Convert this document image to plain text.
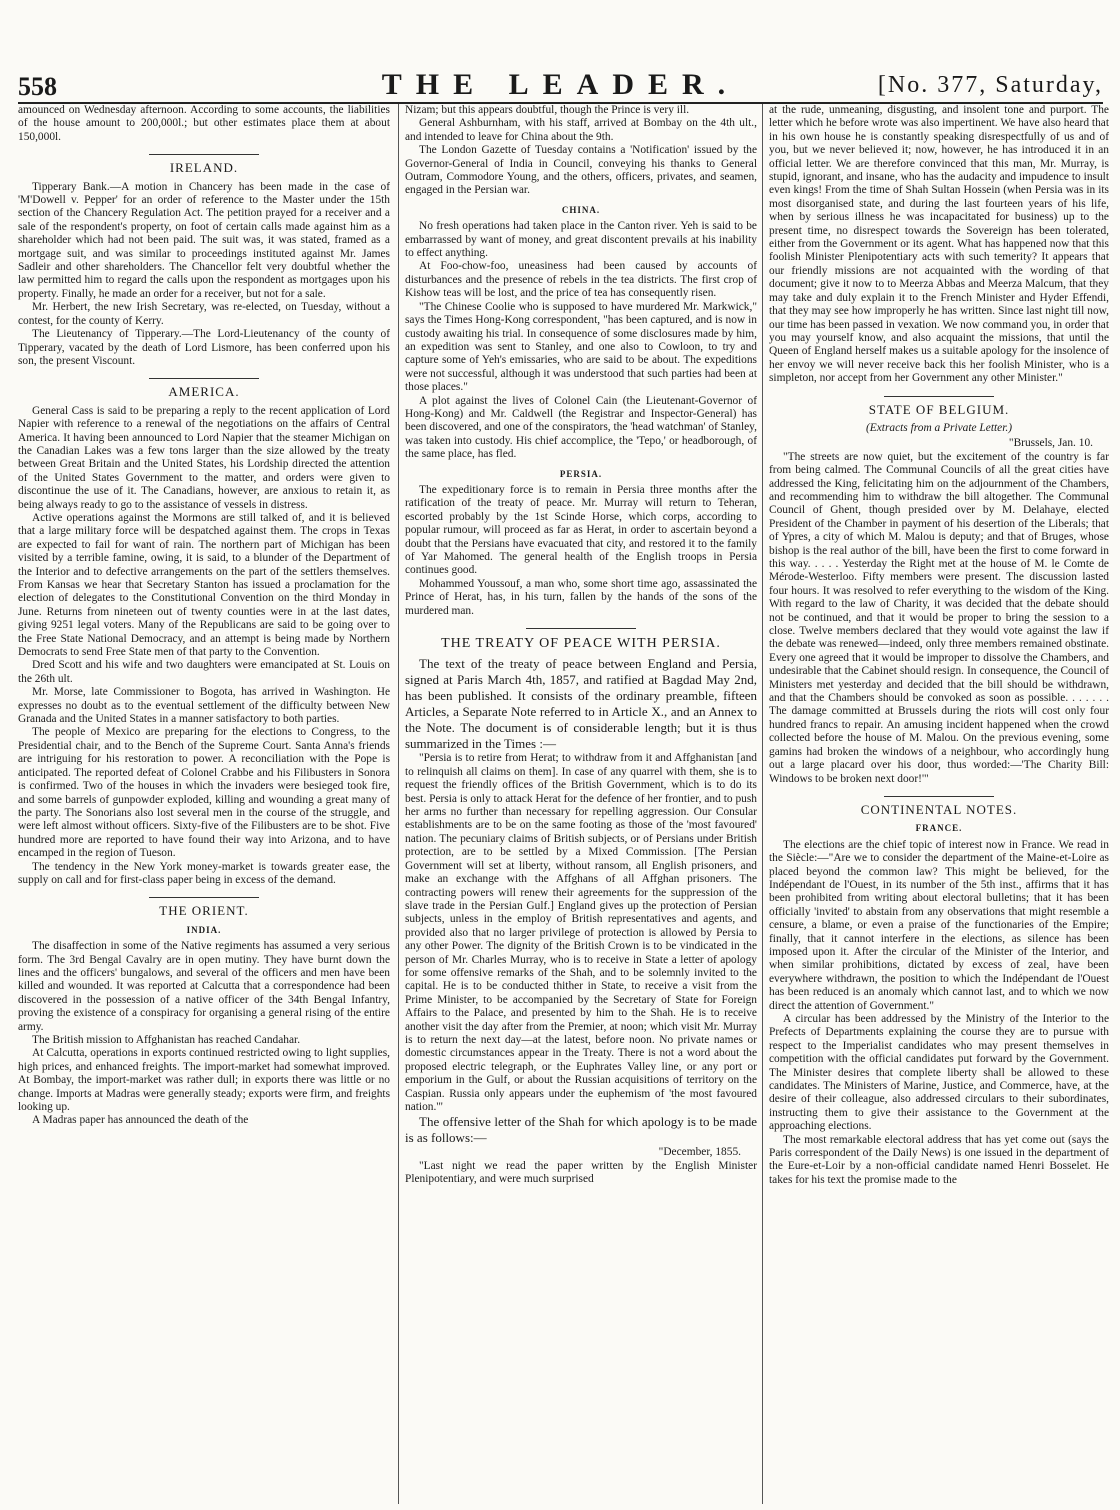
558	THE LEADER.	[No. 377, Saturday,

amounced on Wednesday afternoon. According to some accounts, the liabilities of the house amount to 200,000l.; but other estimates place them at about 150,000l.

IRELAND.

Tipperary Bank.—A motion in Chancery has been made in the case of 'M'Dowell v. Pepper' for an order of reference to the Master under the 15th section of the Chancery Regulation Act. The petition prayed for a receiver and a sale of the respondent's property, on foot of certain calls made against him as a shareholder which had not been paid. The suit was, it was stated, framed as a mortgage suit, and was similar to proceedings instituted against Mr. James Sadleir and other shareholders. The Chancellor felt very doubtful whether the law permitted him to regard the calls upon the respondent as mortgages upon his property. Finally, he made an order for a receiver, but not for a sale.

Mr. Herbert, the new Irish Secretary, was re-elected, on Tuesday, without a contest, for the county of Kerry.

The Lieutenancy of Tipperary.—The Lord-Lieutenancy of the county of Tipperary, vacated by the death of Lord Lismore, has been conferred upon his son, the present Viscount.

AMERICA.

General Cass is said to be preparing a reply to the recent application of Lord Napier with reference to a renewal of the negotiations on the affairs of Central America. It having been announced to Lord Napier that the steamer Michigan on the Canadian Lakes was a few tons larger than the size allowed by the treaty between Great Britain and the United States, his Lordship directed the attention of the United States Government to the matter, and orders were given to discontinue the use of it. The Canadians, however, are anxious to retain it, as being always ready to go to the assistance of vessels in distress.

Active operations against the Mormons are still talked of, and it is believed that a large military force will be despatched against them. The crops in Texas are expected to fail for want of rain. The northern part of Michigan has been visited by a terrible famine, owing, it is said, to a blunder of the Department of the Interior and to defective arrangements on the part of the settlers themselves. From Kansas we hear that Secretary Stanton has issued a proclamation for the election of delegates to the Constitutional Convention on the third Monday in June. Returns from nineteen out of twenty counties were in at the last dates, giving 9251 legal voters. Many of the Republicans are said to be going over to the Free State National Democracy, and an attempt is being made by Northern Democrats to send Free State men of that party to the Convention.

Dred Scott and his wife and two daughters were emancipated at St. Louis on the 26th ult.

Mr. Morse, late Commissioner to Bogota, has arrived in Washington. He expresses no doubt as to the eventual settlement of the difficulty between New Granada and the United States in a manner satisfactory to both parties.

The people of Mexico are preparing for the elections to Congress, to the Presidential chair, and to the Bench of the Supreme Court. Santa Anna's friends are intriguing for his restoration to power. A reconciliation with the Pope is anticipated. The reported defeat of Colonel Crabbe and his Filibusters in Sonora is confirmed. Two of the houses in which the invaders were besieged took fire, and some barrels of gunpowder exploded, killing and wounding a great many of the party. The Sonorians also lost several men in the course of the struggle, and were left almost without officers. Sixty-five of the Filibusters are to be shot. Five hundred more are reported to have found their way into Arizona, and to have encamped in the region of Tueson.

The tendency in the New York money-market is towards greater ease, the supply on call and for first-class paper being in excess of the demand.

THE ORIENT.
INDIA.

The disaffection in some of the Native regiments has assumed a very serious form. The 3rd Bengal Cavalry are in open mutiny. They have burnt down the lines and the officers' bungalows, and several of the officers and men have been killed and wounded. It was reported at Calcutta that a correspondence had been discovered in the possession of a native officer of the 34th Bengal Infantry, proving the existence of a conspiracy for organising a general rising of the entire army.

The British mission to Affghanistan has reached Candahar.

At Calcutta, operations in exports continued restricted owing to light supplies, high prices, and enhanced freights. The import-market had somewhat improved. At Bombay, the import-market was rather dull; in exports there was little or no change. Imports at Madras were generally steady; exports were firm, and freights looking up.

A Madras paper has announced the death of the

Nizam; but this appears doubtful, though the Prince is very ill.

General Ashburnham, with his staff, arrived at Bombay on the 4th ult., and intended to leave for China about the 9th.

The London Gazette of Tuesday contains a 'Notification' issued by the Governor-General of India in Council, conveying his thanks to General Outram, Commodore Young, and the others, officers, privates, and seamen, engaged in the Persian war.

CHINA.

No fresh operations had taken place in the Canton river. Yeh is said to be embarrassed by want of money, and great discontent prevails at his inability to effect anything.

At Foo-chow-foo, uneasiness had been caused by accounts of disturbances and the presence of rebels in the tea districts. The first crop of Kishow teas will be lost, and the price of tea has consequently risen.

"The Chinese Coolie who is supposed to have murdered Mr. Markwick," says the Times Hong-Kong correspondent, "has been captured, and is now in custody awaiting his trial. In consequence of some disclosures made by him, an expedition was sent to Stanley, and one also to Cowloon, to try and capture some of Yeh's emissaries, who are said to be about. The expeditions were not successful, although it was understood that such parties had been at those places."

A plot against the lives of Colonel Cain (the Lieutenant-Governor of Hong-Kong) and Mr. Caldwell (the Registrar and Inspector-General) has been discovered, and one of the conspirators, the 'head watchman' of Stanley, was taken into custody. His chief accomplice, the 'Tepo,' or headborough, of the same place, has fled.

PERSIA.

The expeditionary force is to remain in Persia three months after the ratification of the treaty of peace. Mr. Murray will return to Teheran, escorted probably by the 1st Scinde Horse, which corps, according to popular rumour, will proceed as far as Herat, in order to ascertain beyond a doubt that the Persians have evacuated that city, and restored it to the family of Yar Mahomed. The general health of the English troops in Persia continues good.

Mohammed Youssouf, a man who, some short time ago, assassinated the Prince of Herat, has, in his turn, fallen by the hands of the sons of the murdered man.

THE TREATY OF PEACE WITH PERSIA.

The text of the treaty of peace between England and Persia, signed at Paris March 4th, 1857, and ratified at Bagdad May 2nd, has been published. It consists of the ordinary preamble, fifteen Articles, a Separate Note referred to in Article X., and an Annex to the Note. The document is of considerable length; but it is thus summarized in the Times :—

"Persia is to retire from Herat; to withdraw from it and Affghanistan [and to relinquish all claims on them]. In case of any quarrel with them, she is to request the friendly offices of the British Government, which is to do its best. Persia is only to attack Herat for the defence of her frontier, and to push her arms no further than necessary for repelling aggression. Our Consular establishments are to be on the same footing as those of the 'most favoured' nation. The pecuniary claims of British subjects, or of Persians under British protection, are to be settled by a Mixed Commission. [The Persian Government will set at liberty, without ransom, all English prisoners, and make an exchange with the Affghans of all Affghan prisoners. The contracting powers will renew their agreements for the suppression of the slave trade in the Persian Gulf.] England gives up the protection of Persian subjects, unless in the employ of British representatives and agents, and provided also that no larger privilege of protection is allowed by Persia to any other Power. The dignity of the British Crown is to be vindicated in the person of Mr. Charles Murray, who is to receive in State a letter of apology for some offensive remarks of the Shah, and to be solemnly invited to the capital. He is to be conducted thither in State, to receive a visit from the Prime Minister, to be accompanied by the Secretary of State for Foreign Affairs to the Palace, and presented by him to the Shah. He is to receive another visit the day after from the Premier, at noon; which visit Mr. Murray is to return the next day—at the latest, before noon. No private names or domestic circumstances appear in the Treaty. There is not a word about the proposed electric telegraph, or the Euphrates Valley line, or any port or emporium in the Gulf, or about the Russian acquisitions of territory on the Caspian. Russia only appears under the euphemism of 'the most favoured nation.'"

The offensive letter of the Shah for which apology is to be made is as follows:—

"December, 1855.

"Last night we read the paper written by the English Minister Plenipotentiary, and were much surprised

at the rude, unmeaning, disgusting, and insolent tone and purport. The letter which he before wrote was also impertinent. We have also heard that in his own house he is constantly speaking disrespectfully of us and of you, but we never believed it; now, however, he has introduced it in an official letter. We are therefore convinced that this man, Mr. Murray, is stupid, ignorant, and insane, who has the audacity and impudence to insult even kings! From the time of Shah Sultan Hossein (when Persia was in its most disorganised state, and during the last fourteen years of his life, when by serious illness he was incapacitated for business) up to the present time, no disrespect towards the Sovereign has been tolerated, either from the Government or its agent. What has happened now that this foolish Minister Plenipotentiary acts with such temerity? It appears that our friendly missions are not acquainted with the wording of that document; give it now to to Meerza Abbas and Meerza Malcum, that they may take and duly explain it to the French Minister and Hyder Effendi, that they may see how improperly he has written. Since last night till now, our time has been passed in vexation. We now command you, in order that you may yourself know, and also acquaint the missions, that until the Queen of England herself makes us a suitable apology for the insolence of her envoy we will never receive back this her foolish Minister, who is a simpleton, nor accept from her Government any other Minister."

STATE OF BELGIUM.
(Extracts from a Private Letter.)

"Brussels, Jan. 10.

"The streets are now quiet, but the excitement of the country is far from being calmed. The Communal Councils of all the great cities have addressed the King, felicitating him on the adjournment of the Chambers, and recommending him to withdraw the bill altogether. The Communal Council of Ghent, though presided over by M. Delahaye, elected President of the Chamber in payment of his desertion of the Liberals; that of Ypres, a city of which M. Malou is deputy; and that of Bruges, whose bishop is the real author of the bill, have been the first to come forward in this way. . . . . Yesterday the Right met at the house of M. le Comte de Mérode-Westerloo. Fifty members were present. The discussion lasted four hours. It was resolved to refer everything to the wisdom of the King. With regard to the law of Charity, it was decided that the debate should not be continued, and that it would be proper to bring the session to a close. Twelve members declared that they would vote against the law if the debate was renewed—indeed, only three members remained obstinate. Every one agreed that it would be improper to dissolve the Chambers, and undesirable that the Cabinet should resign. In consequence, the Council of Ministers met yesterday and decided that the bill should be withdrawn, and that the Chambers should be convoked as soon as possible. . . . . . . The damage committed at Brussels during the riots will cost only four hundred francs to repair. An amusing incident happened when the crowd collected before the house of M. Malou. On the previous evening, some gamins had broken the windows of a neighbour, who accordingly hung out a large placard over his door, thus worded:—'The Charity Bill: Windows to be broken next door!'"

CONTINENTAL NOTES.
FRANCE.

The elections are the chief topic of interest now in France. We read in the Siècle:—"Are we to consider the department of the Maine-et-Loire as placed beyond the common law? This might be believed, for the Indépendant de l'Ouest, in its number of the 5th inst., affirms that it has been prohibited from writing about electoral bulletins; that it has been officially 'invited' to abstain from any observations that might resemble a censure, a blame, or even a praise of the functionaries of the Empire; finally, that it cannot interfere in the elections, as silence has been imposed upon it. After the circular of the Minister of the Interior, and when similar prohibitions, dictated by excess of zeal, have been everywhere withdrawn, the position to which the Indépendant de l'Ouest has been reduced is an anomaly which cannot last, and to which we now direct the attention of Government."

A circular has been addressed by the Ministry of the Interior to the Prefects of Departments explaining the course they are to pursue with respect to the Imperialist candidates who may present themselves in competition with the official candidates put forward by the Government. The Minister desires that complete liberty shall be allowed to these candidates. The Ministers of Marine, Justice, and Commerce, have, at the desire of their colleague, also addressed circulars to their subordinates, instructing them to give their assistance to the Government at the approaching elections.

The most remarkable electoral address that has yet come out (says the Paris correspondent of the Daily News) is one issued in the department of the Eure-et-Loir by a non-official candidate named Henri Bosselet. He takes for his text the promise made to the
